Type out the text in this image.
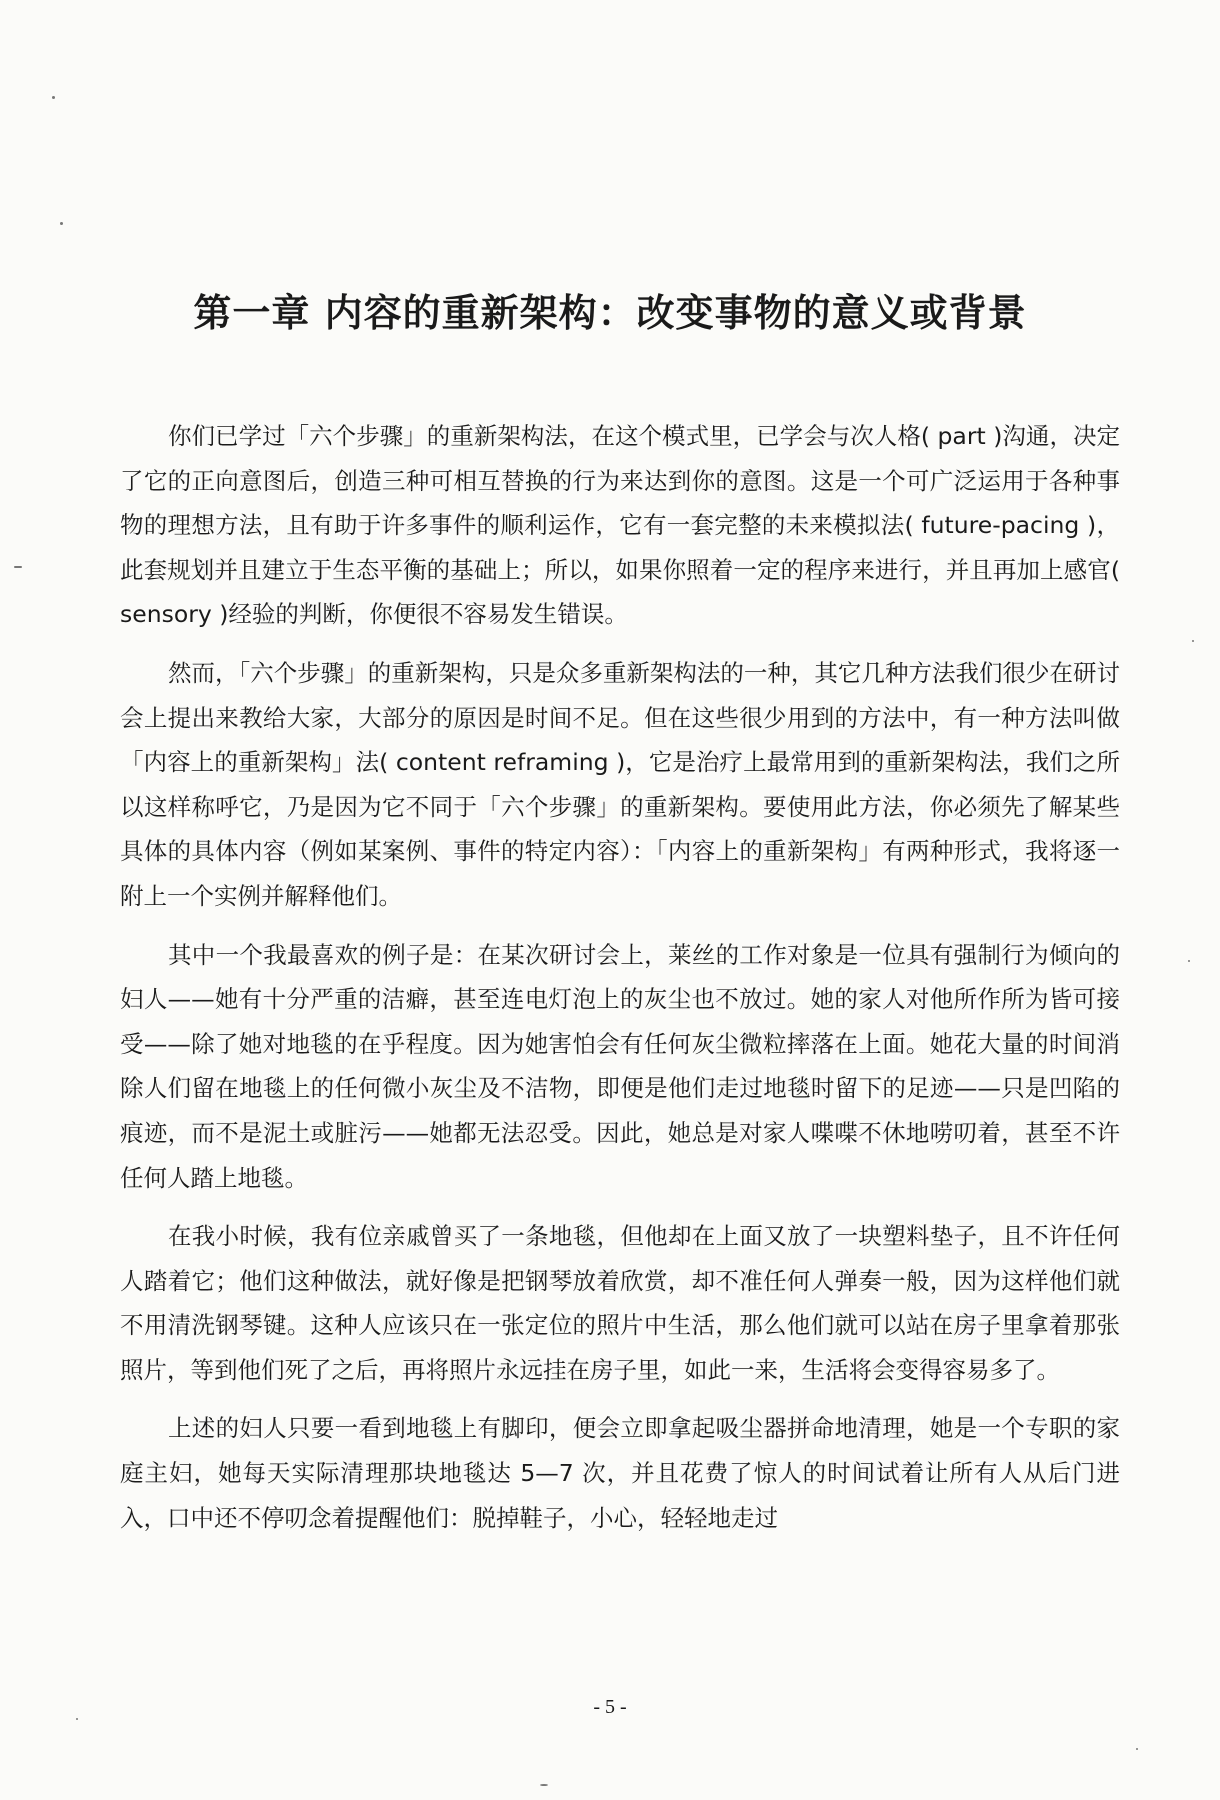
第一章 内容的重新架构：改变事物的意义或背景

你们已学过「六个步骤」的重新架构法，在这个模式里，已学会与次人格( part )沟通，决定了它的正向意图后，创造三种可相互替换的行为来达到你的意图。这是一个可广泛运用于各种事物的理想方法，且有助于许多事件的顺利运作，它有一套完整的未来模拟法( future-pacing )，此套规划并且建立于生态平衡的基础上；所以，如果你照着一定的程序来进行，并且再加上感官( sensory )经验的判断，你便很不容易发生错误。

然而，「六个步骤」的重新架构，只是众多重新架构法的一种，其它几种方法我们很少在研讨会上提出来教给大家，大部分的原因是时间不足。但在这些很少用到的方法中，有一种方法叫做「内容上的重新架构」法( content reframing )，它是治疗上最常用到的重新架构法，我们之所以这样称呼它，乃是因为它不同于「六个步骤」的重新架构。要使用此方法，你必须先了解某些具体的具体内容（例如某案例、事件的特定内容）：「内容上的重新架构」有两种形式，我将逐一附上一个实例并解释他们。

其中一个我最喜欢的例子是：在某次研讨会上，莱丝的工作对象是一位具有强制行为倾向的妇人——她有十分严重的洁癖，甚至连电灯泡上的灰尘也不放过。她的家人对他所作所为皆可接受——除了她对地毯的在乎程度。因为她害怕会有任何灰尘微粒摔落在上面。她花大量的时间消除人们留在地毯上的任何微小灰尘及不洁物，即便是他们走过地毯时留下的足迹——只是凹陷的痕迹，而不是泥土或脏污——她都无法忍受。因此，她总是对家人喋喋不休地唠叨着，甚至不许任何人踏上地毯。

在我小时候，我有位亲戚曾买了一条地毯，但他却在上面又放了一块塑料垫子，且不许任何人踏着它；他们这种做法，就好像是把钢琴放着欣赏，却不准任何人弹奏一般，因为这样他们就不用清洗钢琴键。这种人应该只在一张定位的照片中生活，那么他们就可以站在房子里拿着那张照片，等到他们死了之后，再将照片永远挂在房子里，如此一来，生活将会变得容易多了。

上述的妇人只要一看到地毯上有脚印，便会立即拿起吸尘器拼命地清理，她是一个专职的家庭主妇，她每天实际清理那块地毯达 5—7 次，并且花费了惊人的时间试着让所有人从后门进入，口中还不停叨念着提醒他们：脱掉鞋子，小心，轻轻地走过

- 5 -
